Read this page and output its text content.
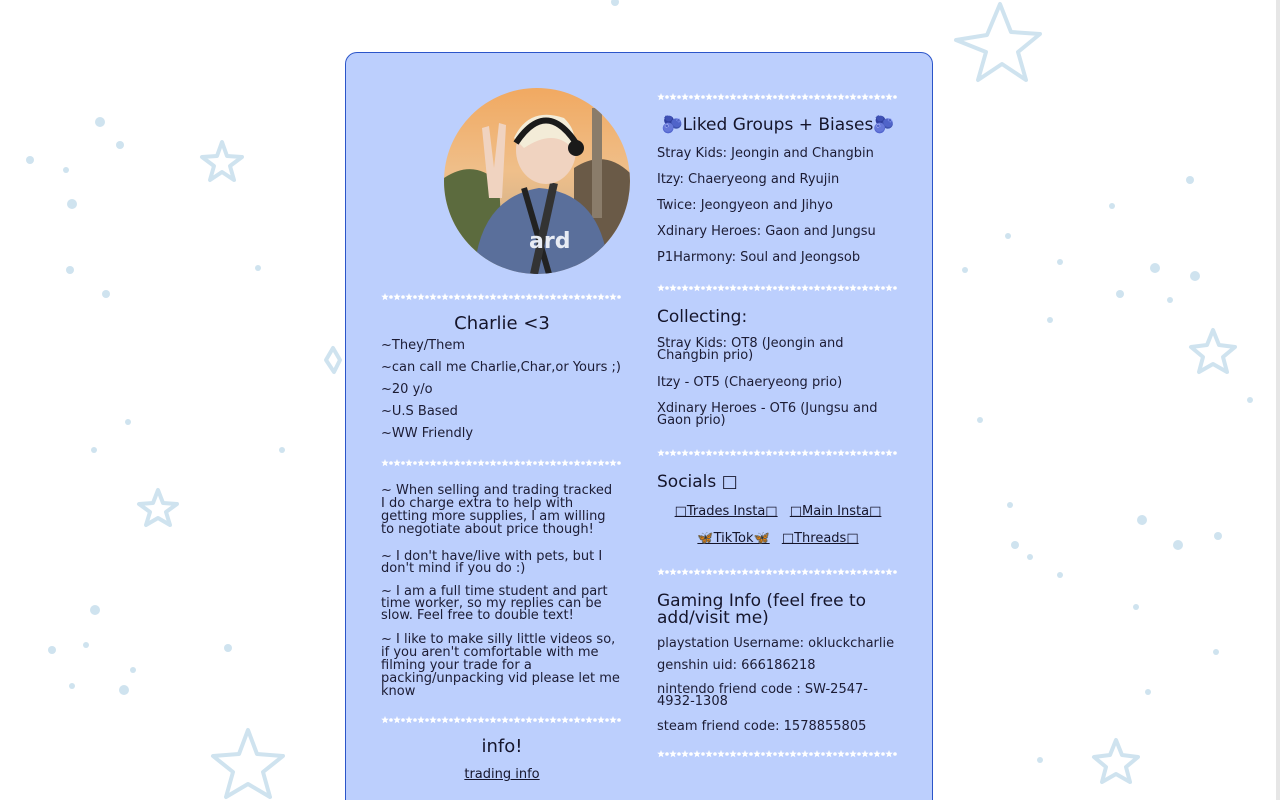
ard
Charlie <3
~They/Them
~can call me Charlie,Char,or Yours ;)
~20 y/o
~U.S Based
~WW Friendly
~ When selling and trading tracked I do charge extra to help with getting more supplies, I am willing to negotiate about price though!
~ I don't have/live with pets, but I don't mind if you do :)
~ I am a full time student and part time worker, so my replies can be slow. Feel free to double text!
~ I like to make silly little videos so, if you aren't comfortable with me filming your trade for a packing/unpacking vid please let me know
info!
trading info
🫐Liked Groups + Biases🫐
Stray Kids: Jeongin and Changbin
Itzy: Chaeryeong and Ryujin
Twice: Jeongyeon and Jihyo
Xdinary Heroes: Gaon and Jungsu
P1Harmony: Soul and Jeongsob
Collecting:
Stray Kids: OT8 (Jeongin and Changbin prio)
Itzy - OT5 (Chaeryeong prio)
Xdinary Heroes - OT6 (Jungsu and Gaon prio)
Socials □
□Trades Insta□ □Main Insta□
🦋TikTok🦋 □Threads□
Gaming Info (feel free to add/visit me)
playstation Username: okluckcharlie
genshin uid: 666186218
nintendo friend code : SW-2547-4932-1308
steam friend code: 1578855805
